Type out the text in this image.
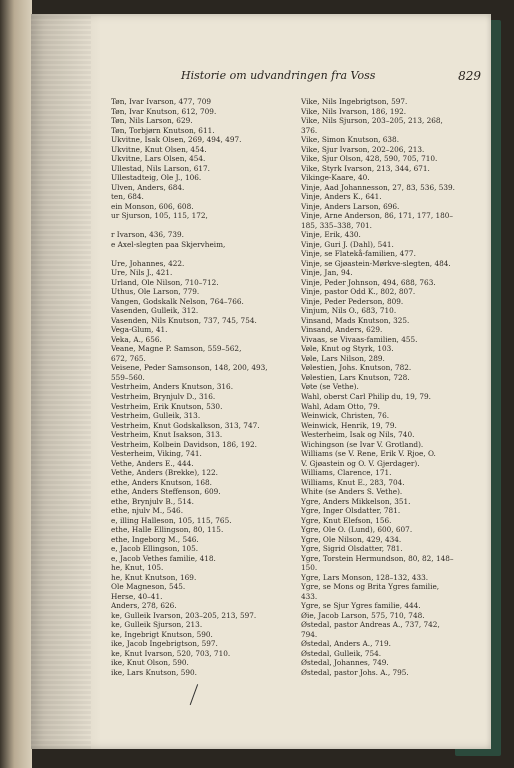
Historie om udvandringen fra Voss	829
Tøn, Ivar Ivarson, 477, 709
Tøn, Ivar Knutson, 612, 709.
Tøn, Nils Larson, 629.
Tøn, Torbjørn Knutson, 611.
Ukvitne, Isak Olsen, 269, 494, 497.
Ukvitne, Knut Olsen, 454.
Ukvitne, Lars Olsen, 454.
Ullestad, Nils Larson, 617.
Ullestadteig, Ole J., 106.
Ulven, Anders, 684.
ten, 684.
ein Monson, 606, 608.
ur Sjurson, 105, 115, 172,

r Ivarson, 436, 739.
e Axel-slegten paa Skjervheim,

Ure, Johannes, 422.
Ure, Nils J., 421.
Urland, Ole Nilson, 710–712.
Uthus, Ole Larson, 779.
Vangen, Godskalk Nelson, 764–766.
Vasenden, Gulleik, 312.
Vasenden, Nils Knutson, 737, 745, 754.
Vega-Glum, 41.
Veka, A., 656.
Veane, Magne P. Samson, 559–562,
672, 765.
Veisene, Peder Samsonson, 148, 200, 493,
559–560.
Vestrheim, Anders Knutson, 316.
Vestrheim, Brynjulv D., 316.
Vestrheim, Erik Knutson, 530.
Vestrheim, Gulleik, 313.
Vestrheim, Knut Godskalkson, 313, 747.
Vestrheim, Knut Isakson, 313.
Vestrheim, Kolbein Davidson, 186, 192.
Vesterheim, Viking, 741.
Vethe, Anders E., 444.
Vethe, Anders (Brekke), 122.
ethe, Anders Knutson, 168.
ethe, Anders Steffenson, 609.
ethe, Brynjulv B., 514.
ethe, njulv M., 546.
e, illing Halleson, 105, 115, 765.
ethe, Halle Ellingson, 80, 115.
ethe, Ingeborg M., 546.
e, Jacob Ellingson, 105.
e, Jacob Vethes familie, 418.
he, Knut, 105.
he, Knut Knutson, 169.
Ole Magneson, 545.
Herse, 40–41.
Anders, 278, 626.
ke, Gulleik Ivarson, 203–205, 213, 597.
ke, Gulleik Sjurson, 213.
ke, Ingebrigt Knutson, 590.
ike, Jacob Ingebrigtson, 597.
ke, Knut Ivarson, 520, 703, 710.
ike, Knut Olson, 590.
ike, Lars Knutson, 590.
Vike, Nils Ingebrigtson, 597.
Vike, Nils Ivarson, 186, 192.
Vike, Nils Sjurson, 203–205, 213, 268,
376.
Vike, Simon Knutson, 638.
Vike, Sjur Ivarson, 202–206, 213.
Vike, Sjur Olson, 428, 590, 705, 710.
Vike, Styrk Ivarson, 213, 344, 671.
Vikinge-Kaare, 40.
Vinje, Aad Johannesson, 27, 83, 536, 539.
Vinje, Anders K., 641.
Vinje, Anders Larson, 696.
Vinje, Arne Anderson, 86, 171, 177, 180–
185, 335–338, 701.
Vinje, Erik, 430.
Vinje, Guri J. (Dahl), 541.
Vinje, se Flatekå-familien, 477.
Vinje, se Gjøastein-Mørkve-slegten, 484.
Vinje, Jan, 94.
Vinje, Peder Johnson, 494, 688, 763.
Vinje, pastor Odd K., 802, 807.
Vinje, Peder Pederson, 809.
Vinjum, Nils O., 683, 710.
Vinsand, Mads Knutson, 325.
Vinsand, Anders, 629.
Vivaas, se Vivaas-familien, 455.
Vøle, Knut og Styrk, 103.
Vøle, Lars Nilson, 289.
Vølestien, Johs. Knutson, 782.
Vølestien, Lars Knutson, 728.
Vøte (se Vethe).
Wahl, oberst Carl Philip du, 19, 79.
Wahl, Adam Otto, 79.
Weinwick, Christen, 76.
Weinwick, Henrik, 19, 79.
Westerheim, Isak og Nils, 740.
Wichingson (se Ivar V. Grotland).
Williams (se V. Rene, Erik V. Rjoe, O.
V. Gjøastein og O. V. Gjerdager).
Williams, Clarence, 171.
Williams, Knut E., 283, 704.
White (se Anders S. Vethe).
Ygre, Anders Mikkelson, 351.
Ygre, Inger Olsdatter, 781.
Ygre, Knut Elefson, 156.
Ygre, Ole O. (Lund), 600, 607.
Ygre, Ole Nilson, 429, 434.
Ygre, Sigrid Olsdatter, 781.
Ygre, Torstein Hermundson, 80, 82, 148–
150.
Ygre, Lars Monson, 128–132, 433.
Ygre, se Mons og Brita Ygres familie,
433.
Ygre, se Sjur Ygres familie, 444.
Øie, Jacob Larson, 575, 710, 748.
Østedal, pastor Andreas A., 737, 742,
794.
Østedal, Anders A., 719.
Østedal, Gulleik, 754.
Østedal, Johannes, 749.
Østedal, pastor Johs. A., 795.
